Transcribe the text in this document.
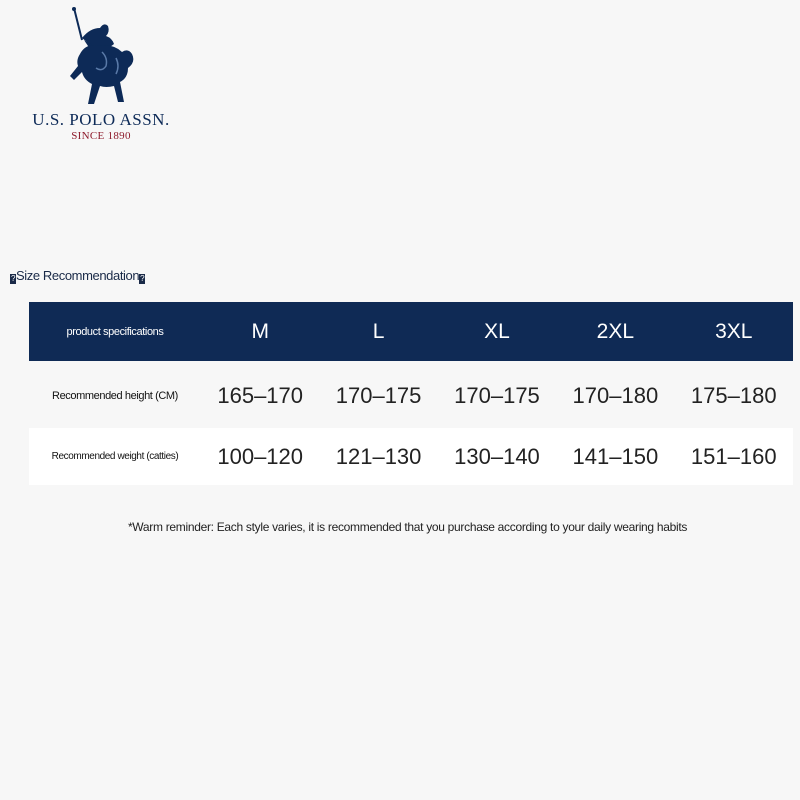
U.S. POLO ASSN.
SINCE 1890
?Size Recommendation?
product specifications	M	L	XL	2XL	3XL
Recommended height (CM)	165–170	170–175	170–175	170–180	175–180
Recommended weight (catties)	100–120	121–130	130–140	141–150	151–160
*Warm reminder: Each style varies, it is recommended that you purchase according to your daily wearing habits
